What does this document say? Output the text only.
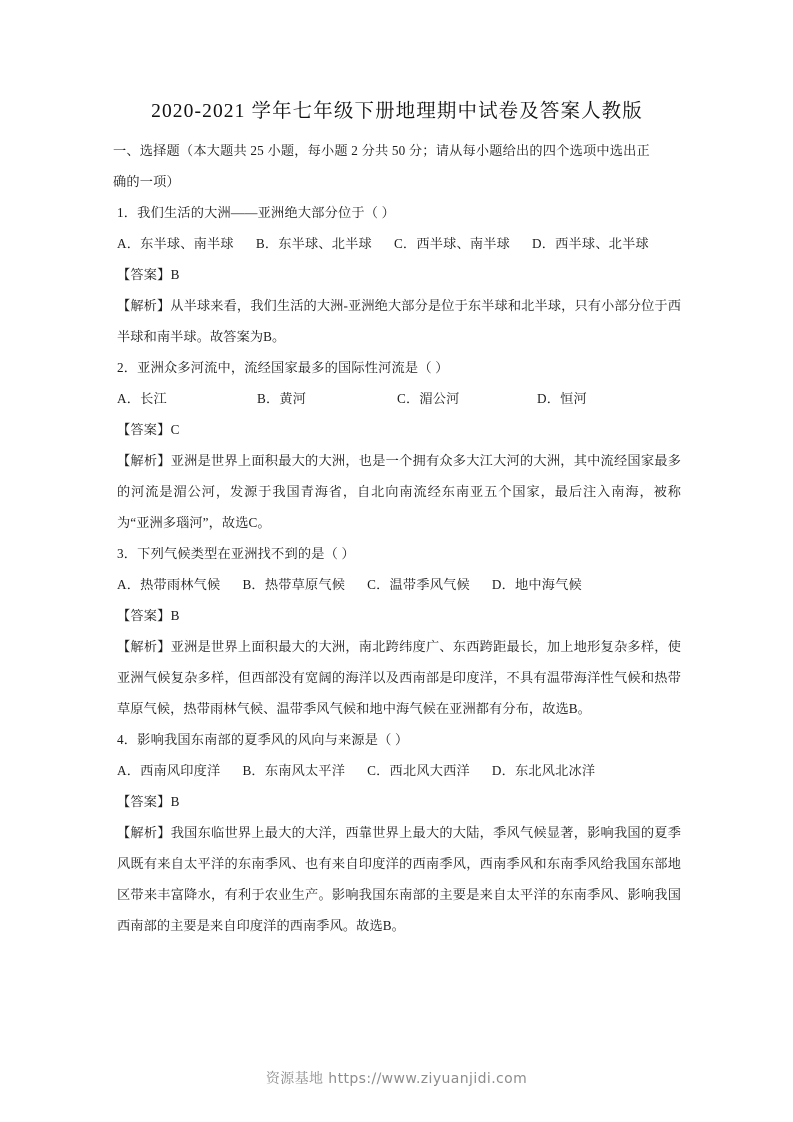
2020-2021 学年七年级下册地理期中试卷及答案人教版

一、选择题（本大题共 25 小题，每小题 2 分共 50 分；请从每小题给出的四个选项中选出正

确的一项）

1．我们生活的大洲——亚洲绝大部分位于（ ）

A．东半球、南半球 B．东半球、北半球 C．西半球、南半球 D．西半球、北半球

【答案】B

【解析】从半球来看，我们生活的大洲-亚洲绝大部分是位于东半球和北半球，只有小部分位于西半球和南半球。故答案为B。

2．亚洲众多河流中，流经国家最多的国际性河流是（ ）

A．长江	B．黄河	C．湄公河	D．恒河

【答案】C

【解析】亚洲是世界上面积最大的大洲，也是一个拥有众多大江大河的大洲，其中流经国家最多的河流是湄公河，发源于我国青海省，自北向南流经东南亚五个国家，最后注入南海，被称为“亚洲多瑙河”，故选C。

3．下列气候类型在亚洲找不到的是（ ）

A．热带雨林气候 B．热带草原气候 C．温带季风气候 D．地中海气候

【答案】B

【解析】亚洲是世界上面积最大的大洲，南北跨纬度广、东西跨距最长，加上地形复杂多样，使亚洲气候复杂多样，但西部没有宽阔的海洋以及西南部是印度洋，不具有温带海洋性气候和热带草原气候，热带雨林气候、温带季风气候和地中海气候在亚洲都有分布，故选B。

4．影响我国东南部的夏季风的风向与来源是（ ）

A．西南风印度洋 B．东南风太平洋 C．西北风大西洋 D．东北风北冰洋

【答案】B

【解析】我国东临世界上最大的大洋，西靠世界上最大的大陆，季风气候显著，影响我国的夏季风既有来自太平洋的东南季风、也有来自印度洋的西南季风，西南季风和东南季风给我国东部地区带来丰富降水，有利于农业生产。影响我国东南部的主要是来自太平洋的东南季风、影响我国西南部的主要是来自印度洋的西南季风。故选B。

资源基地 https://www.ziyuanjidi.com
